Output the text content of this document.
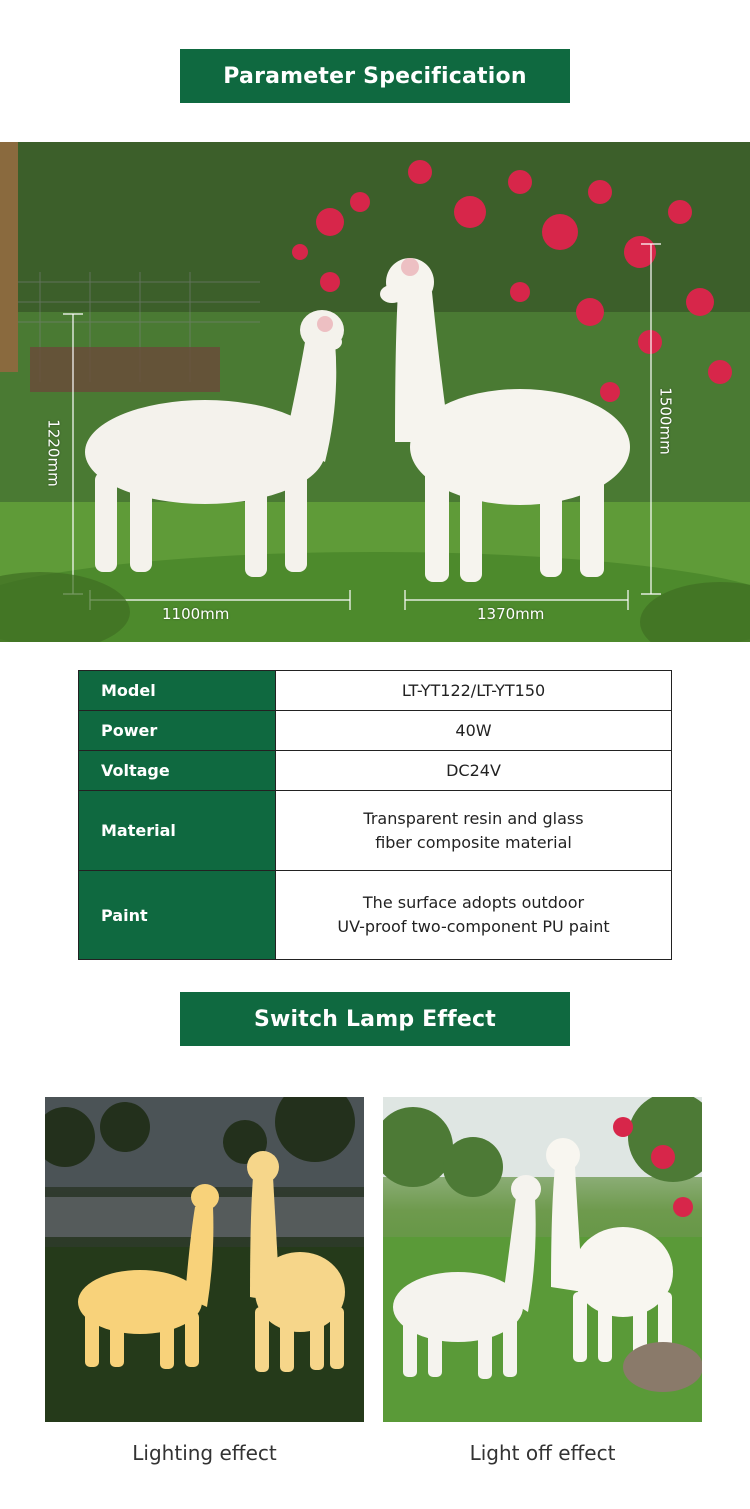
Parameter Specification
1220mm	1500mm
1100mm	1370mm
Model	LT-YT122/LT-YT150

Power	40W

Voltage	DC24V

Material	Transparent resin and glass
fiber composite material

Paint	The surface adopts outdoor
UV-proof two-component PU paint
Switch Lamp Effect
Lighting effect	Light off effect
